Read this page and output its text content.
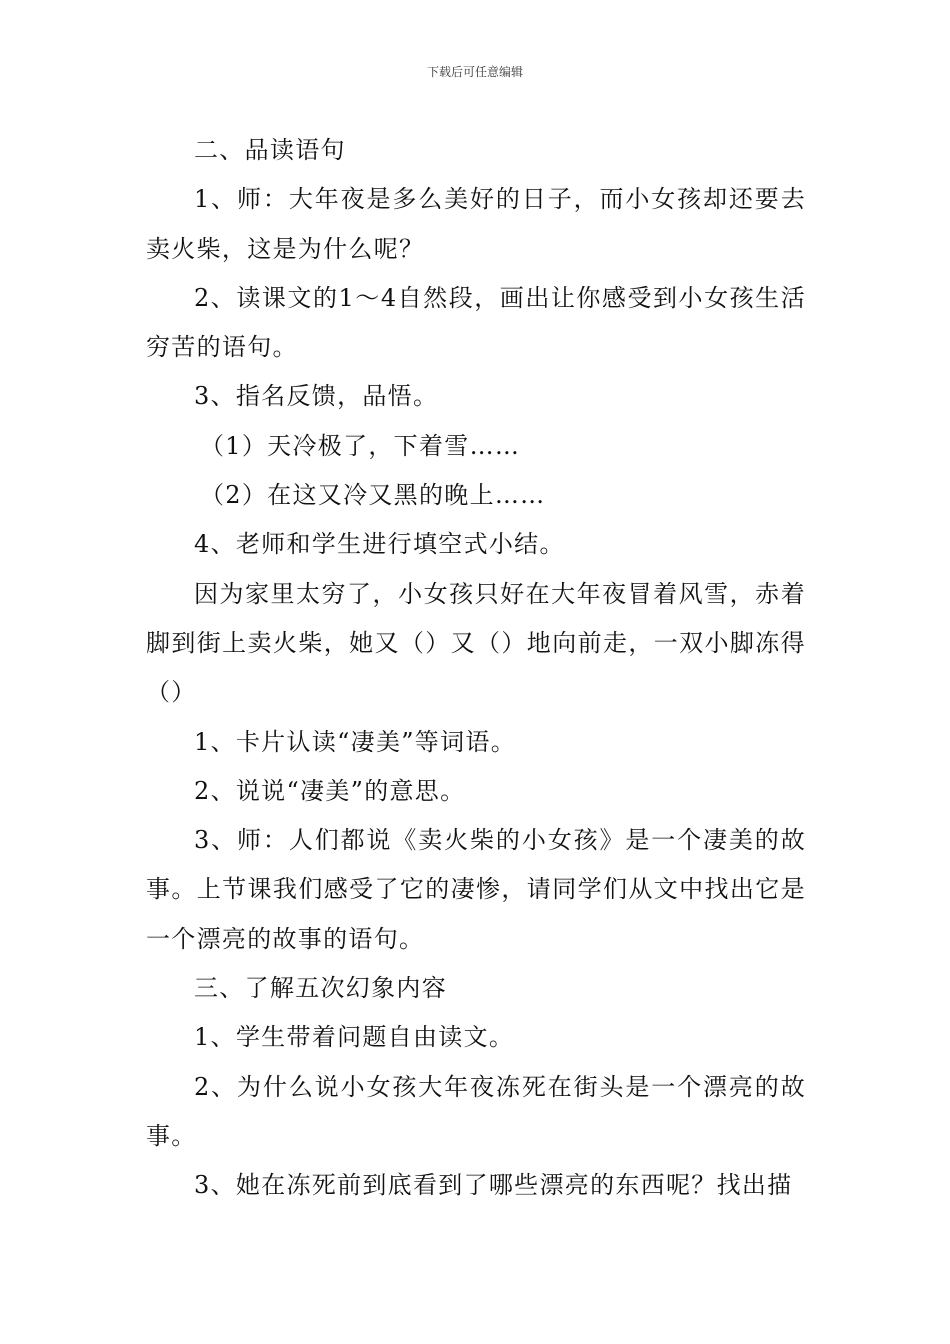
下载后可任意编辑

二、品读语句

1、师：大年夜是多么美好的日子，而小女孩却还要去卖火柴，这是为什么呢？

2、读课文的1～4自然段，画出让你感受到小女孩生活穷苦的语句。

3、指名反馈，品悟。

（1）天冷极了，下着雪……

（2）在这又冷又黑的晚上……

4、老师和学生进行填空式小结。

因为家里太穷了，小女孩只好在大年夜冒着风雪，赤着脚到街上卖火柴，她又（）又（）地向前走，一双小脚冻得（）

1、卡片认读“凄美”等词语。

2、说说“凄美”的意思。

3、师：人们都说《卖火柴的小女孩》是一个凄美的故事。上节课我们感受了它的凄惨，请同学们从文中找出它是一个漂亮的故事的语句。

三、了解五次幻象内容

1、学生带着问题自由读文。

2、为什么说小女孩大年夜冻死在街头是一个漂亮的故事。

3、她在冻死前到底看到了哪些漂亮的东西呢？找出描
